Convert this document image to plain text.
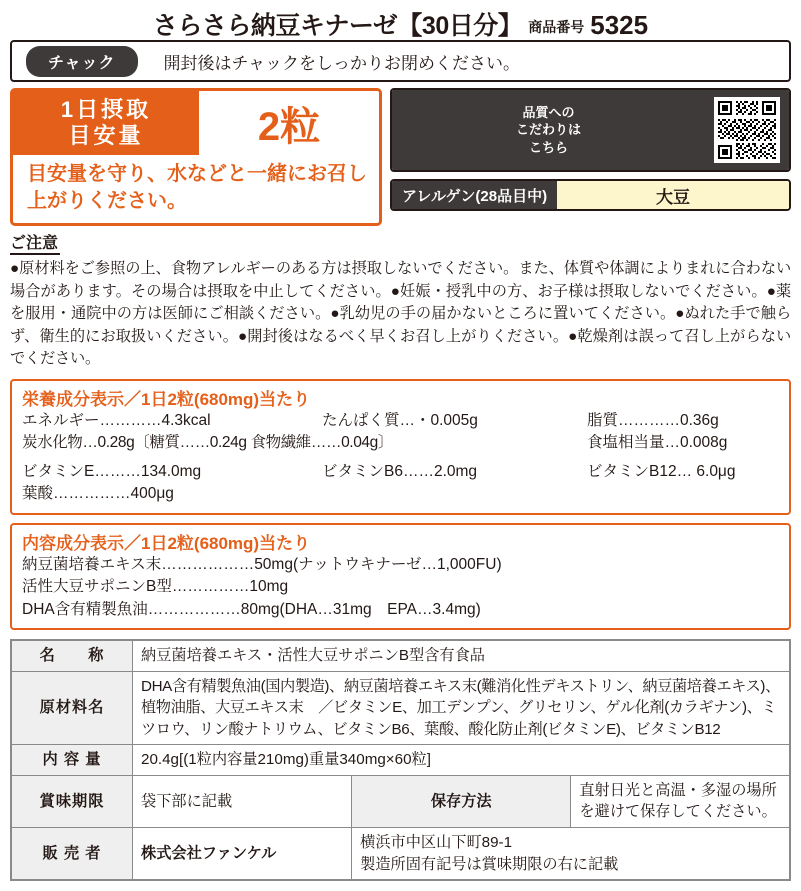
さらさら納豆キナーゼ【30日分】 商品番号 5325
チャック	開封後はチャックをしっかりお閉めください。
1日摂取
目安量	2粒
目安量を守り、水などと一緒にお召し上がりください。
品質への
こだわりは
こちら
アレルゲン(28品目中)	大豆
ご注意
●原材料をご参照の上、食物アレルギーのある方は摂取しないでください。また、体質や体調によりまれに合わない場合があります。その場合は摂取を中止してください。●妊娠・授乳中の方、お子様は摂取しないでください。●薬を服用・通院中の方は医師にご相談ください。●乳幼児の手の届かないところに置いてください。●ぬれた手で触らず、衛生的にお取扱いください。●開封後はなるべく早くお召し上がりください。●乾燥剤は誤って召し上がらないでください。
栄養成分表示／1日2粒(680mg)当たり
エネルギー…………4.3kcal	たんぱく質…・0.005g	脂質…………0.36g
炭水化物…0.28g〔糖質……0.24g 食物繊維……0.04g〕	食塩相当量…0.008g
ビタミンE………134.0mg	ビタミンB6……2.0mg	ビタミンB12… 6.0μg
葉酸……………400μg
内容成分表示／1日2粒(680mg)当たり
納豆菌培養エキス末………………50mg(ナットウキナーゼ…1,000FU)
活性大豆サポニンB型……………10mg
DHA含有精製魚油………………80mg(DHA…31mg　EPA…3.4mg)
名　　称	納豆菌培養エキス・活性大豆サポニンB型含有食品		
原材料名	DHA含有精製魚油(国内製造)、納豆菌培養エキス末(難消化性デキストリン、納豆菌培養エキス)、植物油脂、大豆エキス末　／ビタミンE、加工デンプン、グリセリン、ゲル化剤(カラギナン)、ミツロウ、リン酸ナトリウム、ビタミンB6、葉酸、酸化防止剤(ビタミンE)、ビタミンB12		
内 容 量	20.4g[(1粒内容量210mg)重量340mg×60粒]		
賞味期限	袋下部に記載	保存方法	直射日光と高温・多湿の場所を避けて保存してください。
販 売 者	株式会社ファンケル	横浜市中区山下町89-1
製造所固有記号は賞味期限の右に記載	
